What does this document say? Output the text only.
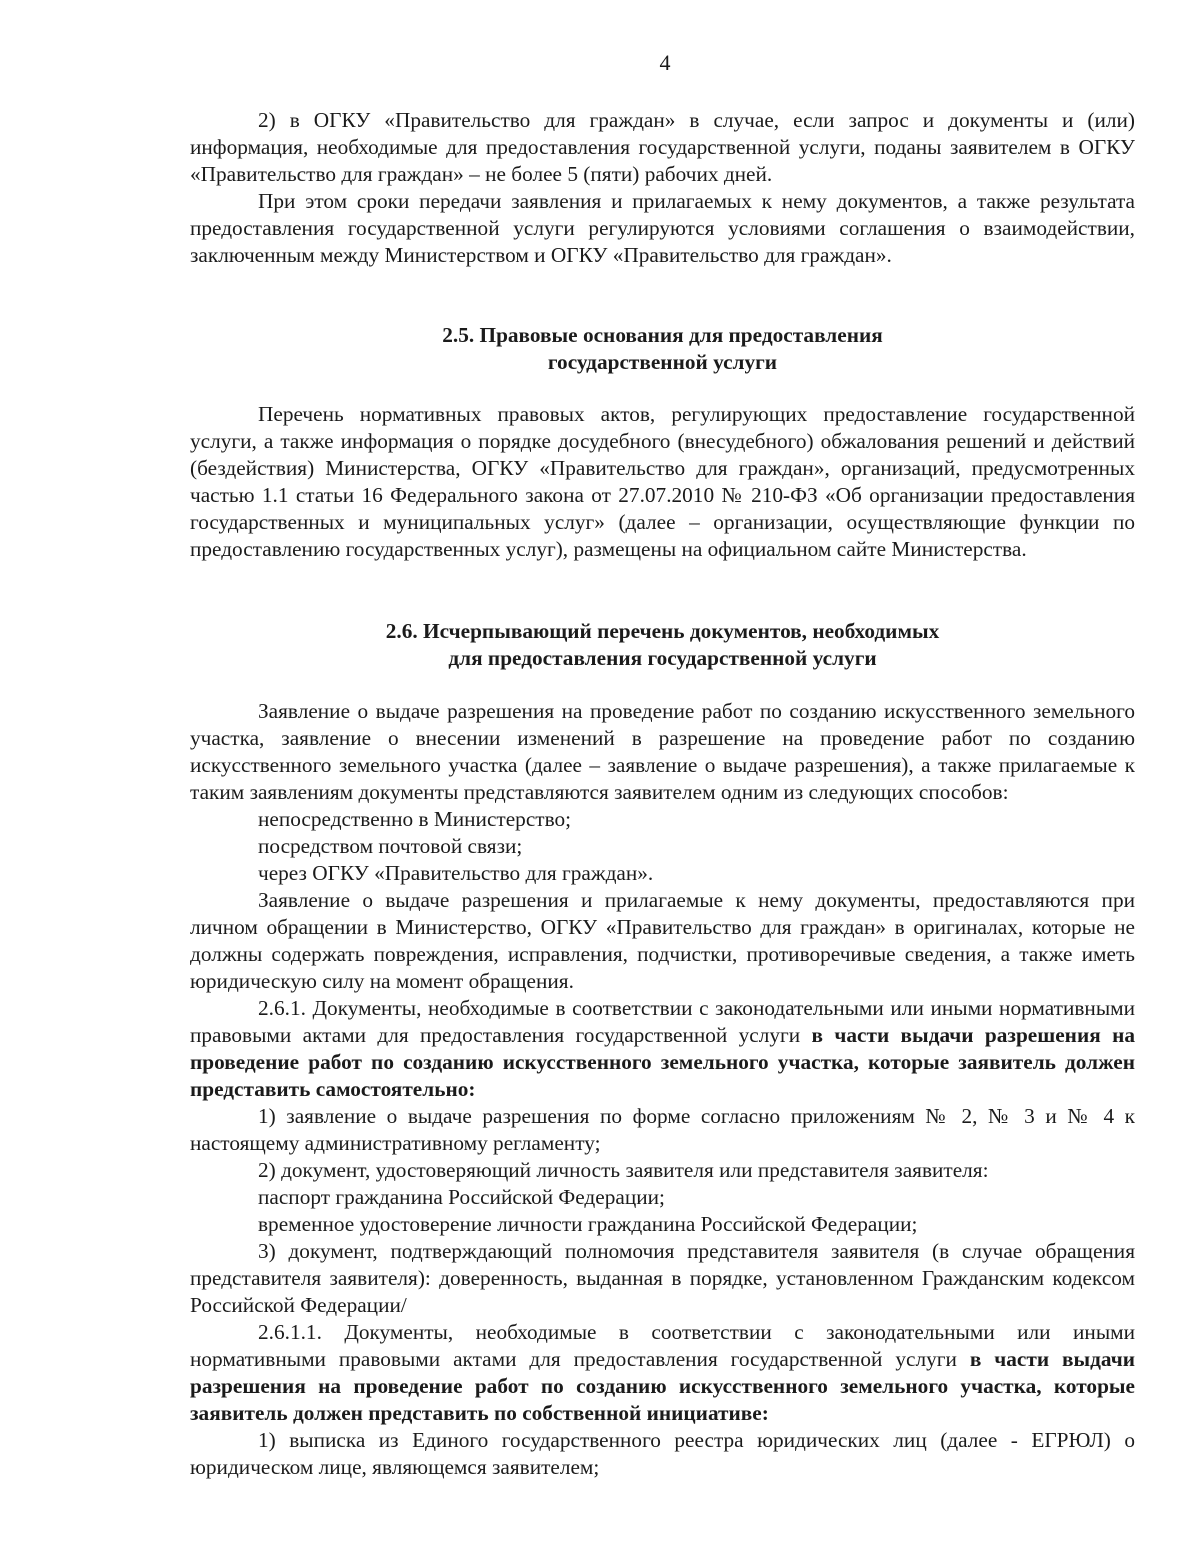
4

2) в ОГКУ «Правительство для граждан» в случае, если запрос и документы и (или) информация, необходимые для предоставления государственной услуги, поданы заявителем в ОГКУ «Правительство для граждан» – не более 5 (пяти) рабочих дней.

При этом сроки передачи заявления и прилагаемых к нему документов, а также результата предоставления государственной услуги регулируются условиями соглашения о взаимодействии, заключенным между Министерством и ОГКУ «Правительство для граждан».

2.5. Правовые основания для предоставления
государственной услуги

Перечень нормативных правовых актов, регулирующих предоставление государственной услуги, а также информация о порядке досудебного (внесудебного) обжалования решений и действий (бездействия) Министерства, ОГКУ «Правительство для граждан», организаций, предусмотренных частью 1.1 статьи 16 Федерального закона от 27.07.2010 № 210-ФЗ «Об организации предоставления государственных и муниципальных услуг» (далее – организации, осуществляющие функции по предоставлению государственных услуг), размещены на официальном сайте Министерства.

2.6. Исчерпывающий перечень документов, необходимых
для предоставления государственной услуги

Заявление о выдаче разрешения на проведение работ по созданию искусственного земельного участка, заявление о внесении изменений в разрешение на проведение работ по созданию искусственного земельного участка (далее – заявление о выдаче разрешения), а также прилагаемые к таким заявлениям документы представляются заявителем одним из следующих способов:

непосредственно в Министерство;

посредством почтовой связи;

через ОГКУ «Правительство для граждан».

Заявление о выдаче разрешения и прилагаемые к нему документы, предоставляются при личном обращении в Министерство, ОГКУ «Правительство для граждан» в оригиналах, которые не должны содержать повреждения, исправления, подчистки, противоречивые сведения, а также иметь юридическую силу на момент обращения.

2.6.1. Документы, необходимые в соответствии с законодательными или иными нормативными правовыми актами для предоставления государственной услуги в части выдачи разрешения на проведение работ по созданию искусственного земельного участка, которые заявитель должен представить самостоятельно:

1) заявление о выдаче разрешения по форме согласно приложениям № 2, № 3 и № 4 к настоящему административному регламенту;

2) документ, удостоверяющий личность заявителя или представителя заявителя:

паспорт гражданина Российской Федерации;

временное удостоверение личности гражданина Российской Федерации;

3) документ, подтверждающий полномочия представителя заявителя (в случае обращения представителя заявителя): доверенность, выданная в порядке, установленном Гражданским кодексом Российской Федерации/

2.6.1.1. Документы, необходимые в соответствии с законодательными или иными нормативными правовыми актами для предоставления государственной услуги в части выдачи разрешения на проведение работ по созданию искусственного земельного участка, которые заявитель должен представить по собственной инициативе:

1) выписка из Единого государственного реестра юридических лиц (далее - ЕГРЮЛ) о юридическом лице, являющемся заявителем;
